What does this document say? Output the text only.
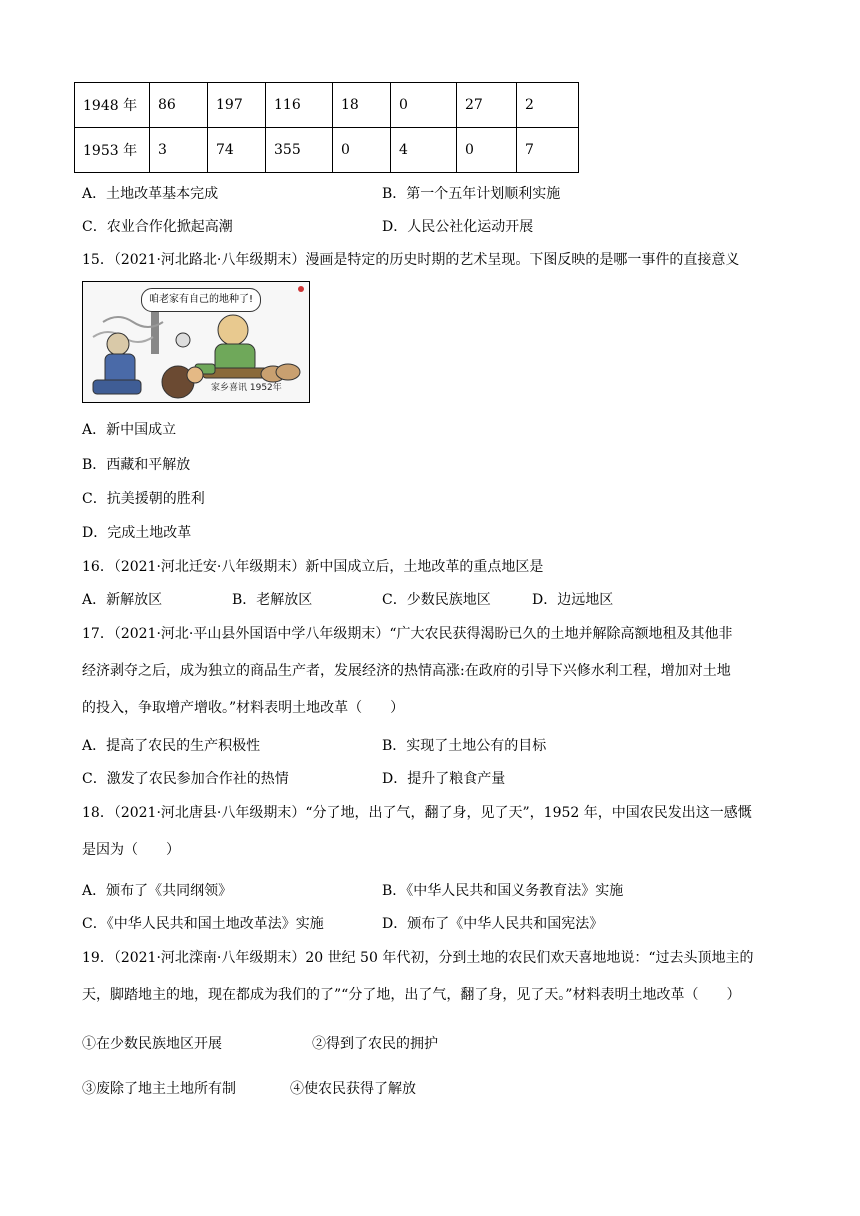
1948 年	86	197	116	18	0	27	2
1953 年	3	74	355	0	4	0	7
A．土地改革基本完成	B．第一个五年计划顺利实施
C．农业合作化掀起高潮	D．人民公社化运动开展
15．（2021·河北路北·八年级期末）漫画是特定的历史时期的艺术呈现。下图反映的是哪一事件的直接意义
咱老家有自己的地种了!
家乡喜讯 1952年
A．新中国成立
B．西藏和平解放
C．抗美援朝的胜利
D．完成土地改革
16．（2021·河北迁安·八年级期末）新中国成立后，土地改革的重点地区是
A．新解放区	B．老解放区	C．少数民族地区	D．边远地区
17．（2021·河北·平山县外国语中学八年级期末）“广大农民获得渴盼已久的土地并解除高额地租及其他非
经济剥夺之后，成为独立的商品生产者，发展经济的热情高涨:在政府的引导下兴修水利工程，增加对土地
的投入，争取增产增收。”材料表明土地改革（　　）
A．提高了农民的生产积极性	B．实现了土地公有的目标
C．激发了农民参加合作社的热情	D．提升了粮食产量
18．（2021·河北唐县·八年级期末）“分了地，出了气，翻了身，见了天”，1952 年，中国农民发出这一感慨
是因为（　　）
A．颁布了《共同纲领》	B．《中华人民共和国义务教育法》实施
C．《中华人民共和国土地改革法》实施	D．颁布了《中华人民共和国宪法》
19．（2021·河北滦南·八年级期末）20 世纪 50 年代初，分到土地的农民们欢天喜地地说：“过去头顶地主的
天，脚踏地主的地，现在都成为我们的了”“分了地，出了气，翻了身，见了天。”材料表明土地改革（　　）
①在少数民族地区开展	②得到了农民的拥护
③废除了地主土地所有制	④使农民获得了解放
